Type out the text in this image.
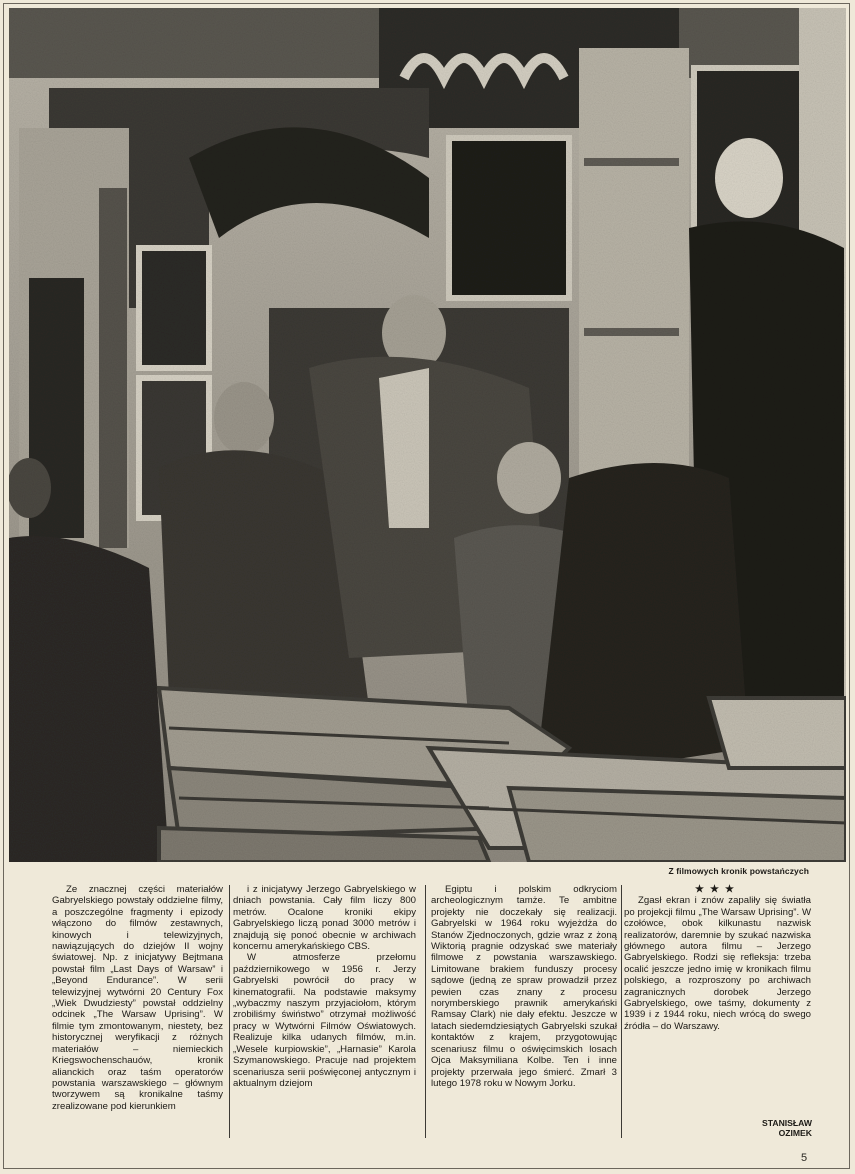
Z filmowych kronik powstańczych

Ze znacznej części materiałów Gabryelskiego powstały oddzielne filmy, a poszczególne fragmenty i epizody włączono do filmów zestawnych, kinowych i telewizyjnych, nawiązujących do dziejów II wojny światowej. Np. z inicjatywy Bejtmana powstał film „Last Days of Warsaw” i „Beyond Endurance”. W serii telewizyjnej wytwórni 20 Century Fox „Wiek Dwudziesty” powstał oddzielny odcinek „The Warsaw Uprising”. W filmie tym zmontowanym, niestety, bez historycznej weryfikacji z różnych materiałów – niemieckich Kriegswochenschauów, kronik alianckich oraz taśm operatorów powstania warszawskiego – głównym tworzywem są kronikalne taśmy zrealizowane pod kierunkiem

i z inicjatywy Jerzego Gabryelskiego w dniach powstania. Cały film liczy 800 metrów. Ocalone kroniki ekipy Gabryelskiego liczą ponad 3000 metrów i znajdują się ponoć obecnie w archiwach koncernu amerykańskiego CBS.

W atmosferze przełomu październikowego w 1956 r. Jerzy Gabryelski powrócił do pracy w kinematografii. Na podstawie maksymy „wybaczmy naszym przyjaciołom, którym zrobiliśmy świństwo” otrzymał możliwość pracy w Wytwórni Filmów Oświatowych. Realizuje kilka udanych filmów, m.in. „Wesele kurpiowskie”, „Harnasie” Karola Szymanowskiego. Pracuje nad projektem scenariusza serii poświęconej antycznym i aktualnym dziejom

Egiptu i polskim odkryciom archeologicznym tamże. Te ambitne projekty nie doczekały się realizacji. Gabryelski w 1964 roku wyjeżdża do Stanów Zjednoczonych, gdzie wraz z żoną Wiktorią pragnie odzyskać swe materiały filmowe z powstania warszawskiego. Limitowane brakiem funduszy procesy sądowe (jedną ze spraw prowadził przez pewien czas znany z procesu norymberskiego prawnik amerykański Ramsay Clark) nie dały efektu. Jeszcze w latach siedemdziesiątych Gabryelski szukał kontaktów z krajem, przygotowując scenariusz filmu o oświęcimskich losach Ojca Maksymiliana Kolbe. Ten i inne projekty przerwała jego śmierć. Zmarł 3 lutego 1978 roku w Nowym Jorku.

★★★

Zgasł ekran i znów zapaliły się światła po projekcji filmu „The Warsaw Uprising”. W czołówce, obok kilkunastu nazwisk realizatorów, daremnie by szukać nazwiska głównego autora filmu – Jerzego Gabryelskiego. Rodzi się refleksja: trzeba ocalić jeszcze jedno imię w kronikach filmu polskiego, a rozproszony po archiwach zagranicznych dorobek Jerzego Gabryelskiego, owe taśmy, dokumenty z 1939 i z 1944 roku, niech wrócą do swego źródła – do Warszawy.

STANISŁAW
OZIMEK
5
